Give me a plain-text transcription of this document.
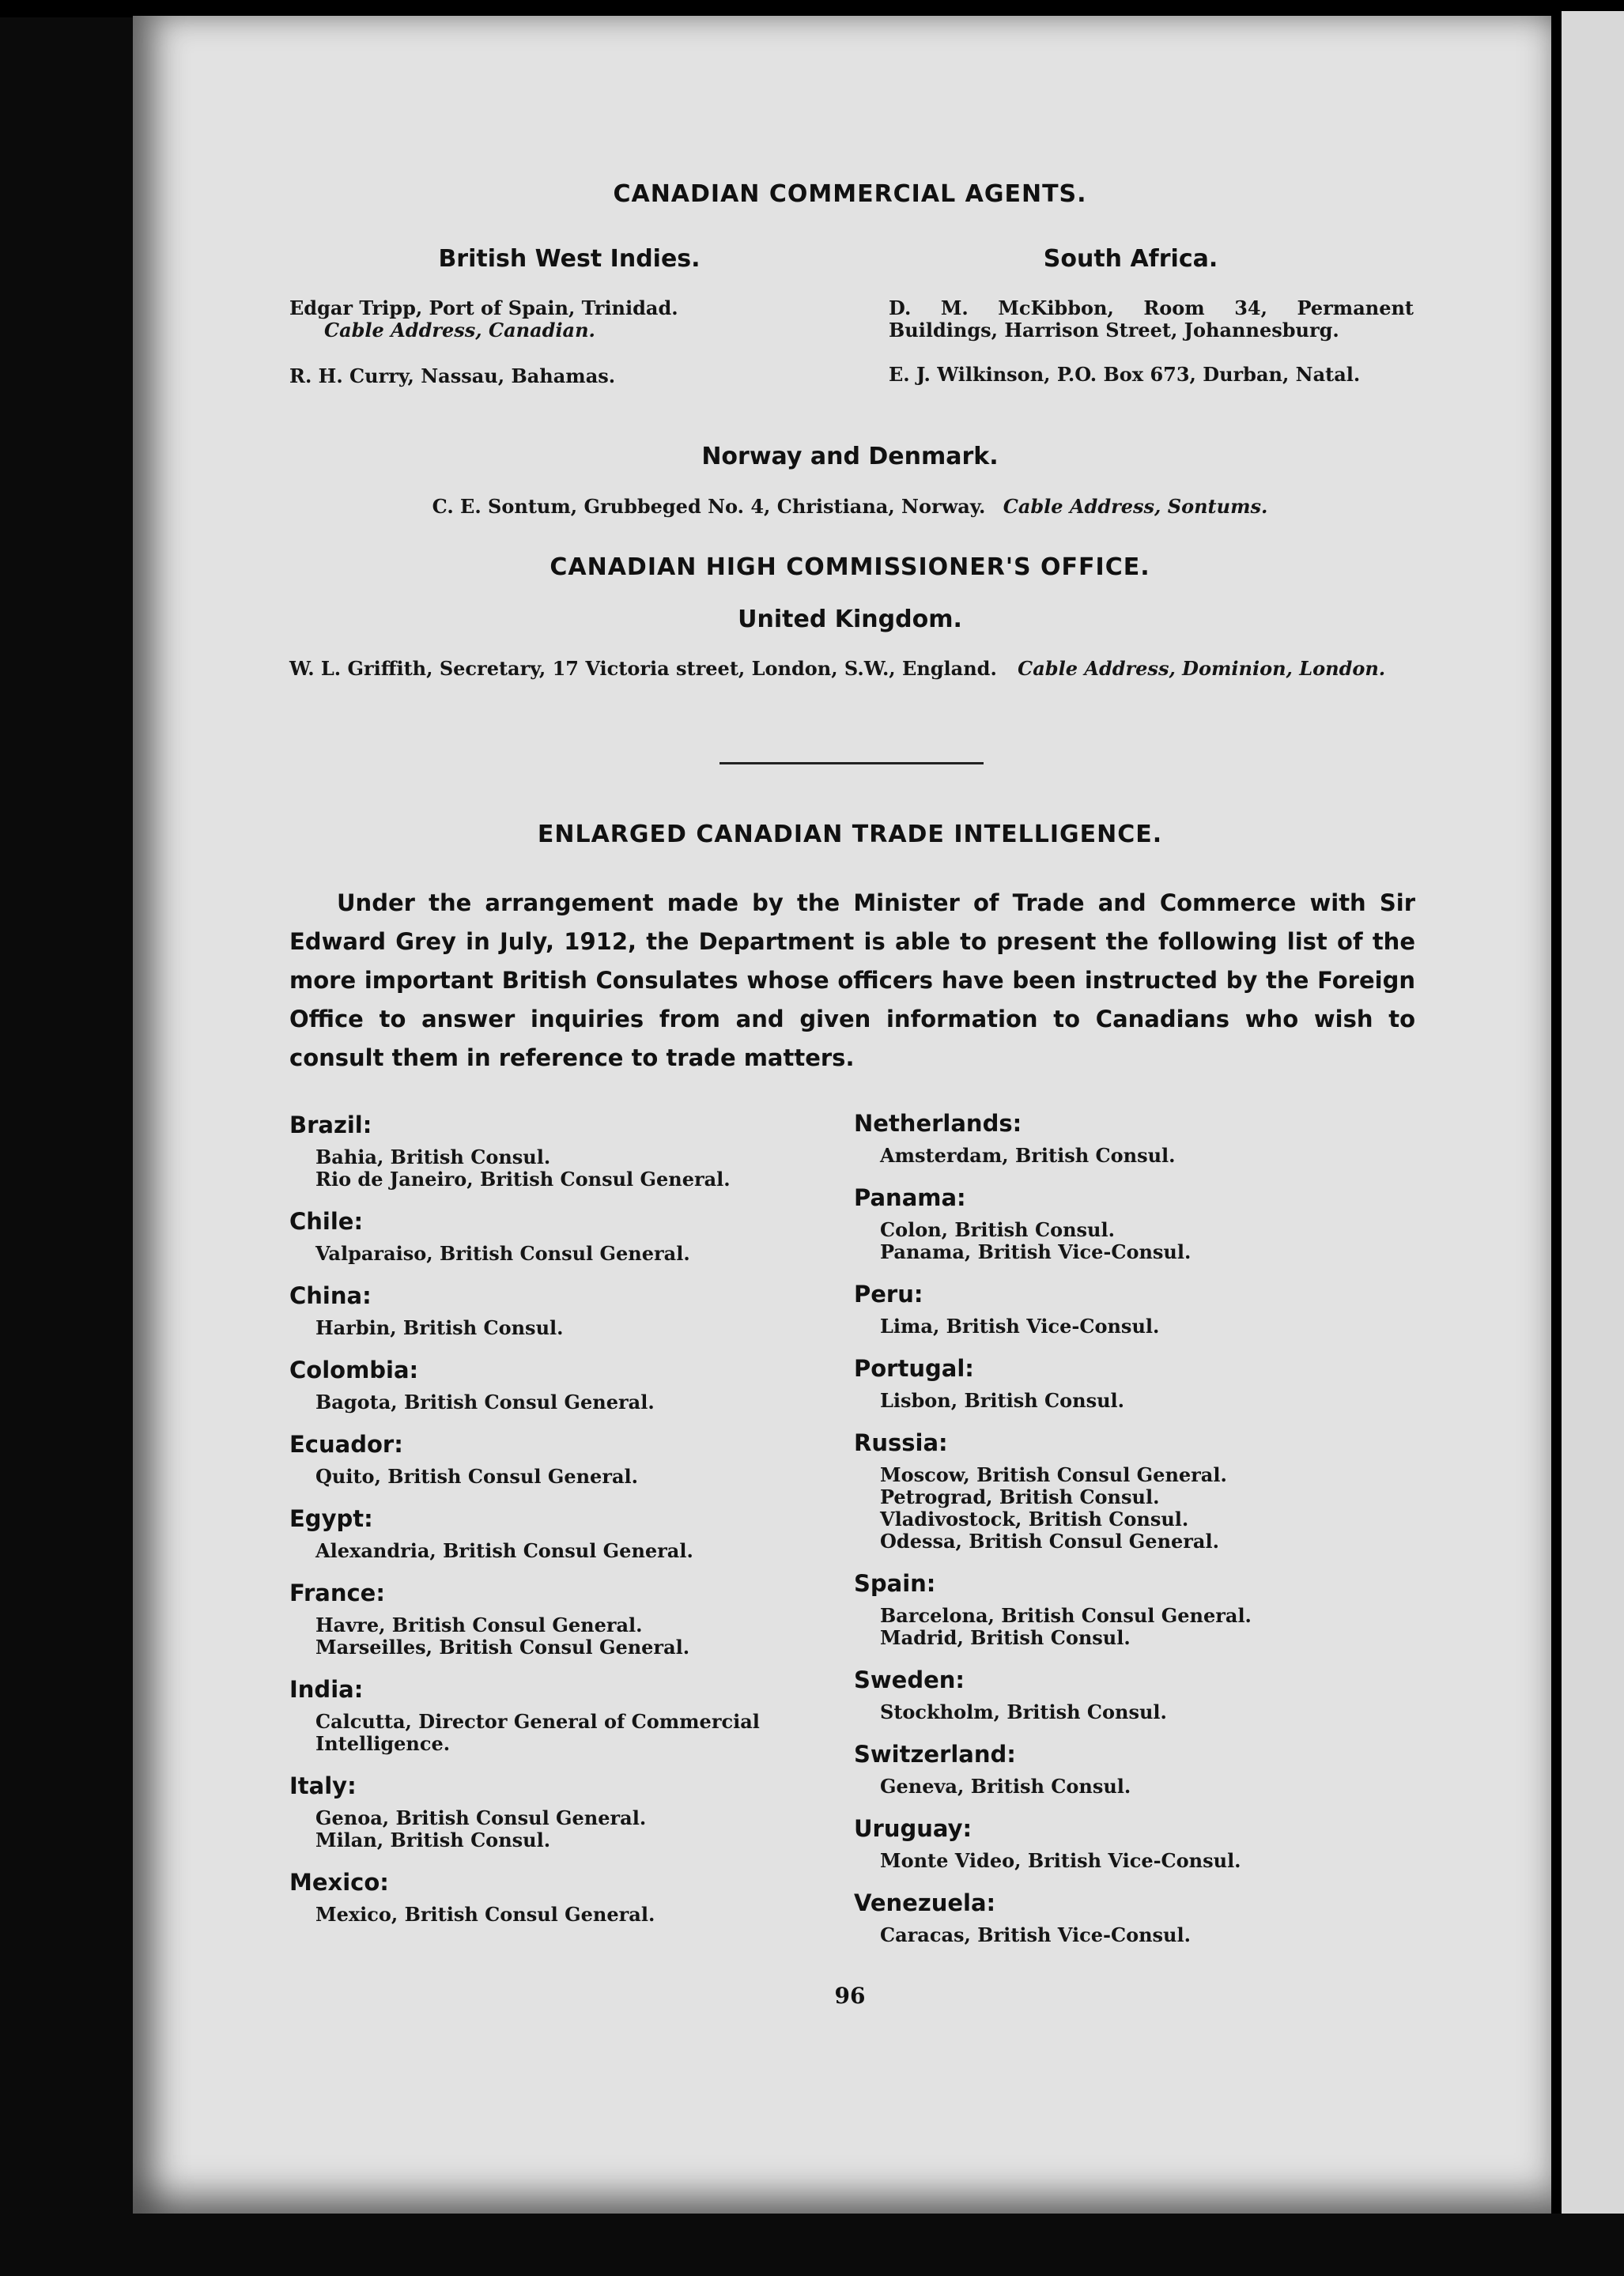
CANADIAN COMMERCIAL AGENTS.
British West Indies.	South Africa.
Edgar Tripp, Port of Spain, Trinidad.
Cable Address, Canadian.
R. H. Curry, Nassau, Bahamas.
D. M. McKibbon, Room 34, Permanent Buildings, Harrison Street, Johannesburg.
E. J. Wilkinson, P.O. Box 673, Durban, Natal.
Norway and Denmark.
C. E. Sontum, Grubbeged No. 4, Christiana, Norway. Cable Address, Sontums.
CANADIAN HIGH COMMISSIONER'S OFFICE.
United Kingdom.
W. L. Griffith, Secretary, 17 Victoria street, London, S.W., England. Cable Address, Dominion, London.
ENLARGED CANADIAN TRADE INTELLIGENCE.
Under the arrangement made by the Minister of Trade and Commerce with Sir Edward Grey in July, 1912, the Department is able to present the following list of the more important British Consulates whose officers have been instructed by the Foreign Office to answer inquiries from and given information to Canadians who wish to consult them in reference to trade matters.
Brazil:
Bahia, British Consul.
Rio de Janeiro, British Consul General.
Chile:
Valparaiso, British Consul General.
China:
Harbin, British Consul.
Colombia:
Bagota, British Consul General.
Ecuador:
Quito, British Consul General.
Egypt:
Alexandria, British Consul General.
France:
Havre, British Consul General.
Marseilles, British Consul General.
India:
Calcutta, Director General of Commercial Intelligence.
Italy:
Genoa, British Consul General.
Milan, British Consul.
Mexico:
Mexico, British Consul General.
Netherlands:
Amsterdam, British Consul.
Panama:
Colon, British Consul.
Panama, British Vice-Consul.
Peru:
Lima, British Vice-Consul.
Portugal:
Lisbon, British Consul.
Russia:
Moscow, British Consul General.
Petrograd, British Consul.
Vladivostock, British Consul.
Odessa, British Consul General.
Spain:
Barcelona, British Consul General.
Madrid, British Consul.
Sweden:
Stockholm, British Consul.
Switzerland:
Geneva, British Consul.
Uruguay:
Monte Video, British Vice-Consul.
Venezuela:
Caracas, British Vice-Consul.
96
